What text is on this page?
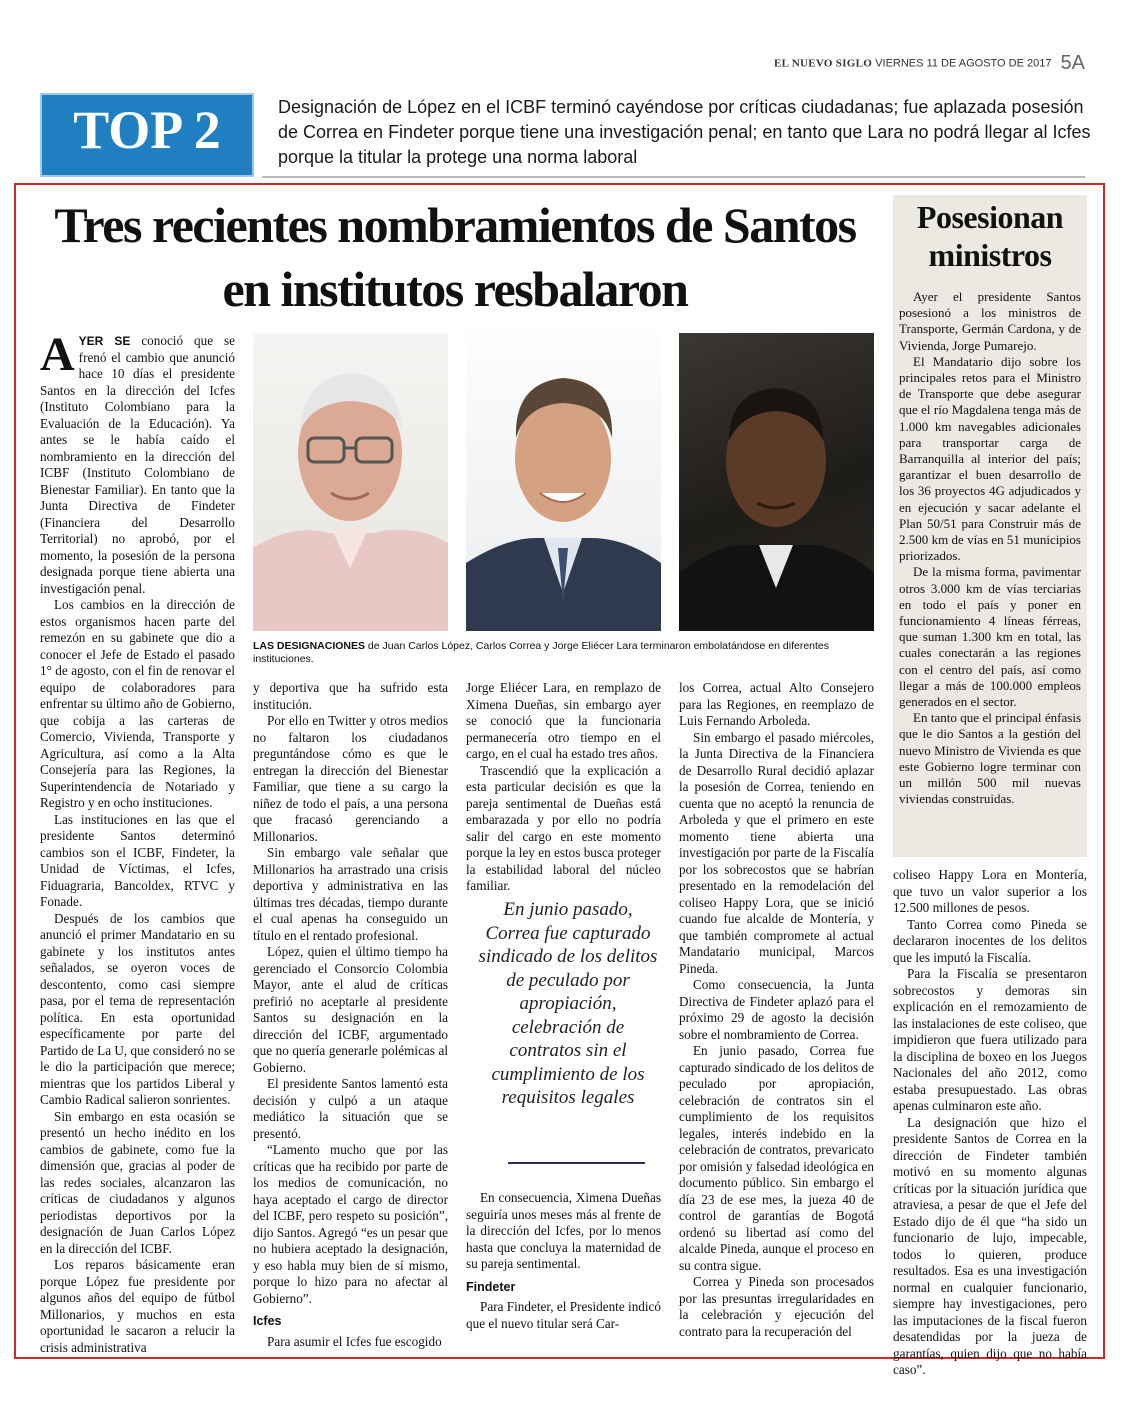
EL NUEVO SIGLO VIERNES 11 DE AGOSTO DE 2017 5A
TOP 2	Designación de López en el ICBF terminó cayéndose por críticas ciudadanas; fue aplazada posesión de Correa en Findeter porque tiene una investigación penal; en tanto que Lara no podrá llegar al Icfes porque la titular la protege una norma laboral
Tres recientes nombramientos de Santos en institutos resbalaron

AYER SE conoció que se frenó el cambio que anunció hace 10 días el presidente Santos en la dirección del Icfes (Instituto Colombiano para la Evaluación de la Educación). Ya antes se le había caído el nombramiento en la dirección del ICBF (Instituto Colombiano de Bienestar Familiar). En tanto que la Junta Directiva de Findeter (Financiera del Desarrollo Territorial) no aprobó, por el momento, la posesión de la persona designada porque tiene abierta una investigación penal.

Los cambios en la dirección de estos organismos hacen parte del remezón en su gabinete que dio a conocer el Jefe de Estado el pasado 1° de agosto, con el fin de renovar el equipo de colaboradores para enfrentar su último año de Gobierno, que cobija a las carteras de Comercio, Vivienda, Transporte y Agricultura, así como a la Alta Consejería para las Regiones, la Superintendencia de Notariado y Registro y en ocho instituciones.

Las instituciones en las que el presidente Santos determinó cambios son el ICBF, Findeter, la Unidad de Víctimas, el Icfes, Fiduagraria, Bancoldex, RTVC y Fonade.

Después de los cambios que anunció el primer Mandatario en su gabinete y los institutos antes señalados, se oyeron voces de descontento, como casi siempre pasa, por el tema de representación política. En esta oportunidad específicamente por parte del Partido de La U, que consideró no se le dio la participación que merece; mientras que los partidos Liberal y Cambio Radical salieron sonrientes.

Sin embargo en esta ocasión se presentó un hecho inédito en los cambios de gabinete, como fue la dimensión que, gracias al poder de las redes sociales, alcanzaron las críticas de ciudadanos y algunos periodistas deportivos por la designación de Juan Carlos López en la dirección del ICBF.

Los reparos básicamente eran porque López fue presidente por algunos años del equipo de fútbol Millonarios, y muchos en esta oportunidad le sacaron a relucir la crisis administrativa

LAS DESIGNACIONES de Juan Carlos López, Carlos Correa y Jorge Eliécer Lara terminaron embolatándose en diferentes instituciones.

y deportiva que ha sufrido esta institución.

Por ello en Twitter y otros medios no faltaron los ciudadanos preguntándose cómo es que le entregan la dirección del Bienestar Familiar, que tiene a su cargo la niñez de todo el país, a una persona que fracasó gerenciando a Millonarios.

Sin embargo vale señalar que Millonarios ha arrastrado una crisis deportiva y administrativa en las últimas tres décadas, tiempo durante el cual apenas ha conseguido un título en el rentado profesional.

López, quien el último tiempo ha gerenciado el Consorcio Colombia Mayor, ante el alud de críticas prefirió no aceptarle al presidente Santos su designación en la dirección del ICBF, argumentado que no quería generarle polémicas al Gobierno.

El presidente Santos lamentó esta decisión y culpó a un ataque mediático la situación que se presentó.

“Lamento mucho que por las críticas que ha recibido por parte de los medios de comunicación, no haya aceptado el cargo de director del ICBF, pero respeto su posición”, dijo Santos. Agregó “es un pesar que no hubiera aceptado la designación, y eso habla muy bien de sí mismo, porque lo hizo para no afectar al Gobierno”.

Icfes

Para asumir el Icfes fue escogido

Jorge Eliécer Lara, en remplazo de Ximena Dueñas, sin embargo ayer se conoció que la funcionaria permanecería otro tiempo en el cargo, en el cual ha estado tres años.

Trascendió que la explicación a esta particular decisión es que la pareja sentimental de Dueñas está embarazada y por ello no podría salir del cargo en este momento porque la ley en estos busca proteger la estabilidad laboral del núcleo familiar.

En junio pasado, Correa fue capturado sindicado de los delitos de peculado por apropiación, celebración de contratos sin el cumplimiento de los requisitos legales

En consecuencia, Ximena Dueñas seguiría unos meses más al frente de la dirección del Icfes, por lo menos hasta que concluya la maternidad de su pareja sentimental.

Findeter

Para Findeter, el Presidente indicó que el nuevo titular será Car-

los Correa, actual Alto Consejero para las Regiones, en reemplazo de Luis Fernando Arboleda.

Sin embargo el pasado miércoles, la Junta Directiva de la Financiera de Desarrollo Rural decidió aplazar la posesión de Correa, teniendo en cuenta que no aceptó la renuncia de Arboleda y que el primero en este momento tiene abierta una investigación por parte de la Fiscalía por los sobrecostos que se habrían presentado en la remodelación del coliseo Happy Lora, que se inició cuando fue alcalde de Montería, y que también compromete al actual Mandatario municipal, Marcos Pineda.

Como consecuencia, la Junta Directiva de Findeter aplazó para el próximo 29 de agosto la decisión sobre el nombramiento de Correa.

En junio pasado, Correa fue capturado sindicado de los delitos de peculado por apropiación, celebración de contratos sin el cumplimiento de los requisitos legales, interés indebido en la celebración de contratos, prevaricato por omisión y falsedad ideológica en documento público. Sin embargo el día 23 de ese mes, la jueza 40 de control de garantías de Bogotá ordenó su libertad así como del alcalde Pineda, aunque el proceso en su contra sigue.

Correa y Pineda son procesados por las presuntas irregularidades en la celebración y ejecución del contrato para la recuperación del

Posesionan ministros

Ayer el presidente Santos posesionó a los ministros de Transporte, Germán Cardona, y de Vivienda, Jorge Pumarejo.

El Mandatario dijo sobre los principales retos para el Ministro de Transporte que debe asegurar que el río Magdalena tenga más de 1.000 km navegables adicionales para transportar carga de Barranquilla al interior del país; garantizar el buen desarrollo de los 36 proyectos 4G adjudicados y en ejecución y sacar adelante el Plan 50/51 para Construir más de 2.500 km de vías en 51 municipios priorizados.

De la misma forma, pavimentar otros 3.000 km de vías terciarias en todo el país y poner en funcionamiento 4 líneas férreas, que suman 1.300 km en total, las cuales conectarán a las regiones con el centro del país, así como llegar a más de 100.000 empleos generados en el sector.

En tanto que el principal énfasis que le dio Santos a la gestión del nuevo Ministro de Vivienda es que este Gobierno logre terminar con un millón 500 mil nuevas viviendas construidas.

coliseo Happy Lora en Montería, que tuvo un valor superior a los 12.500 millones de pesos.

Tanto Correa como Pineda se declararon inocentes de los delitos que les imputó la Fiscalía.

Para la Fiscalía se presentaron sobrecostos y demoras sin explicación en el remozamiento de las instalaciones de este coliseo, que impidieron que fuera utilizado para la disciplina de boxeo en los Juegos Nacionales del año 2012, como estaba presupuestado. Las obras apenas culminaron este año.

La designación que hizo el presidente Santos de Correa en la dirección de Findeter también motivó en su momento algunas críticas por la situación jurídica que atraviesa, a pesar de que el Jefe del Estado dijo de él que “ha sido un funcionario de lujo, impecable, todos lo quieren, produce resultados. Esa es una investigación normal en cualquier funcionario, siempre hay investigaciones, pero las imputaciones de la fiscal fueron desatendidas por la jueza de garantías, quien dijo que no había caso”.
